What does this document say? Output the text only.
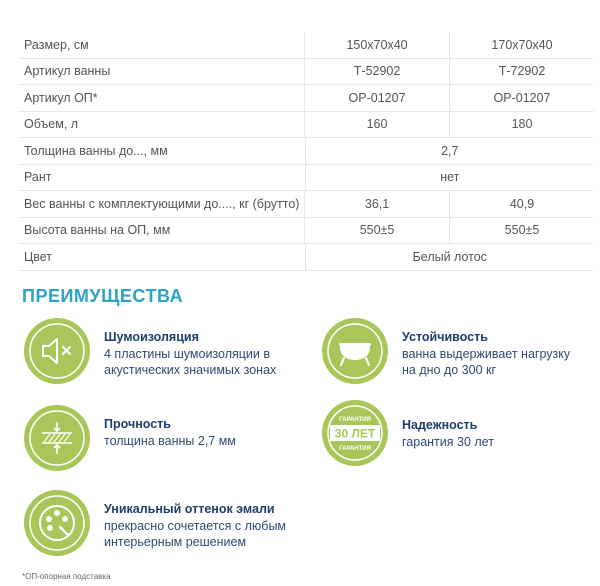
Размер, см	150х70х40	170х70х40
Артикул ванны	Т-52902	Т-72902
Артикул ОП*	OP-01207	OP-01207
Объем, л	160	180
Толщина ванны до..., мм	2,7
Рант	нет
Вес ванны с комплектующими до...., кг (брутто)	36,1	40,9
Высота ванны на ОП, мм	550±5	550±5
Цвет	Белый лотос
ПРЕИМУЩЕСТВА
Шумоизоляция
4 пластины шумоизоляции в
акустических значимых зонах
Устойчивость
ванна выдерживает нагрузку
на дно до 300 кг
Прочность
толщина ванны 2,7 мм
ГАРАНТИЯ
30 ЛЕТ
ГАРАНТИЯ
Надежность
гарантия 30 лет
Уникальный оттенок эмали
прекрасно сочетается с любым
интерьерным решением
*ОП-опорная подставка
